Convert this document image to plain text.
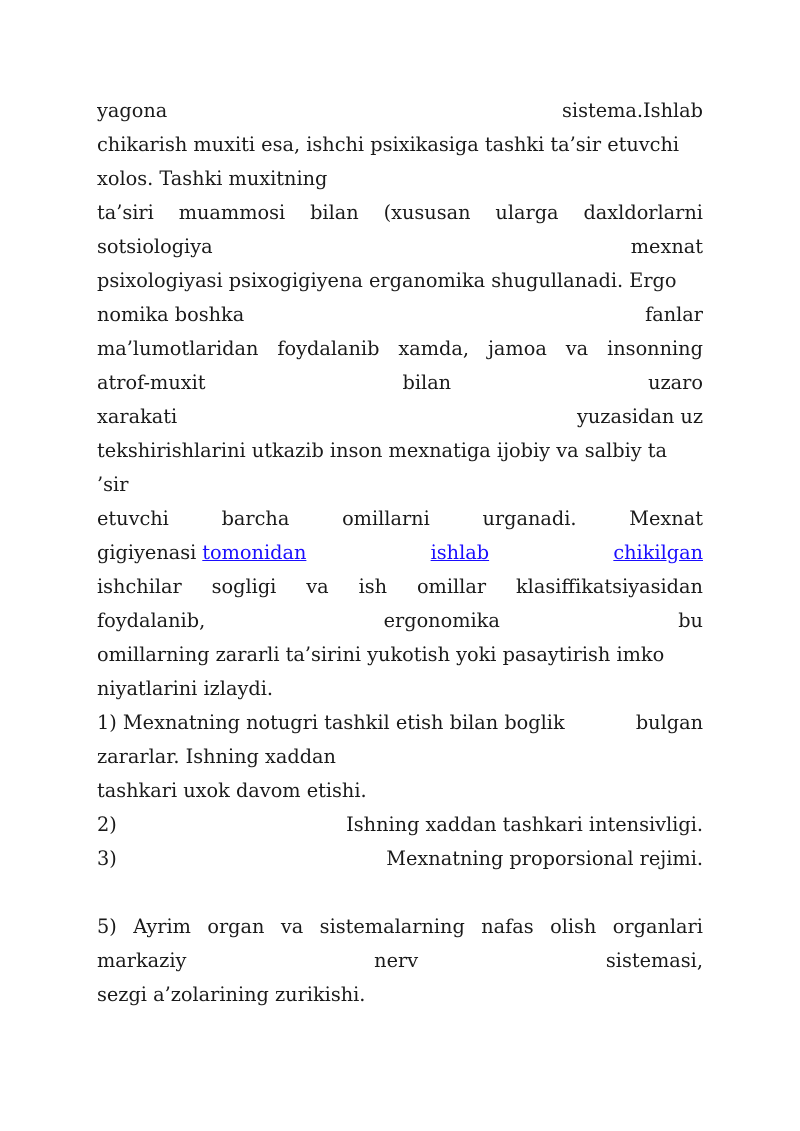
yagona	sistema.Ishlab
chikarish muxiti esa, ishchi psixikasiga tashki ta’sir etuvchi
xolos. Tashki muxitning
ta’siri muammosi bilan (xususan ularga daxldorlarni
sotsiologiya	mexnat
psixologiyasi psixogigiyena erganomika shugullanadi. Ergo
nomika boshka	fanlar
ma’lumotlaridan foydalanib xamda, jamoa va insonning
atrof-muxit	bilan	uzaro
xarakati	yuzasidan uz
tekshirishlarini utkazib inson mexnatiga ijobiy va salbiy ta
’sir
etuvchi	barcha	omillarni	urganadi.	Mexnat
gigiyenasi tomonidan	ishlab	chikilgan
ishchilar sogligi va ish omillar klasiffikatsiyasidan
foydalanib,	ergonomika	bu
omillarning zararli ta’sirini yukotish yoki pasaytirish imko
niyatlarini izlaydi.
1) Mexnatning notugri tashkil etish bilan boglik	bulgan
zararlar. Ishning xaddan
tashkari uxok davom etishi.
2)	Ishning xaddan tashkari intensivligi.
3)	Mexnatning proporsional rejimi.

5) Ayrim organ va sistemalarning nafas olish organlari
markaziy	nerv	sistemasi,
sezgi a’zolarining zurikishi.
